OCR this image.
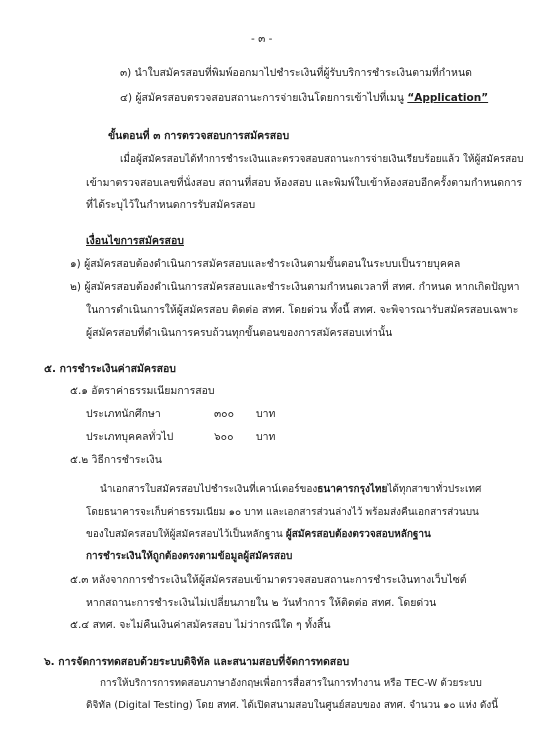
- ๓ -
๓) นำใบสมัครสอบที่พิมพ์ออกมาไปชำระเงินที่ผู้รับบริการชำระเงินตามที่กำหนด
๔) ผู้สมัครสอบตรวจสอบสถานะการจ่ายเงินโดยการเข้าไปที่เมนู “Application”
ขั้นตอนที่ ๓ การตรวจสอบการสมัครสอบ
เมื่อผู้สมัครสอบได้ทำการชำระเงินและตรวจสอบสถานะการจ่ายเงินเรียบร้อยแล้ว ให้ผู้สมัครสอบ
เข้ามาตรวจสอบเลขที่นั่งสอบ สถานที่สอบ ห้องสอบ และพิมพ์ใบเข้าห้องสอบอีกครั้งตามกำหนดการ
ที่ได้ระบุไว้ในกำหนดการรับสมัครสอบ
เงื่อนไขการสมัครสอบ
๑) ผู้สมัครสอบต้องดำเนินการสมัครสอบและชำระเงินตามขั้นตอนในระบบเป็นรายบุคคล
๒) ผู้สมัครสอบต้องดำเนินการสมัครสอบและชำระเงินตามกำหนดเวลาที่ สทศ. กำหนด หากเกิดปัญหา
ในการดำเนินการให้ผู้สมัครสอบ ติดต่อ สทศ. โดยด่วน ทั้งนี้ สทศ. จะพิจารณารับสมัครสอบเฉพาะ
ผู้สมัครสอบที่ดำเนินการครบถ้วนทุกขั้นตอนของการสมัครสอบเท่านั้น
๕. การชำระเงินค่าสมัครสอบ
๕.๑ อัตราค่าธรรมเนียมการสอบ
ประเภทนักศึกษา	๓๐๐ บาท
ประเภทบุคคลทั่วไป	๖๐๐ บาท
๕.๒ วิธีการชำระเงิน
นำเอกสารใบสมัครสอบไปชำระเงินที่เคาน์เตอร์ของธนาคารกรุงไทยได้ทุกสาขาทั่วประเทศ
โดยธนาคารจะเก็บค่าธรรมเนียม ๑๐ บาท และเอกสารส่วนล่างไว้ พร้อมส่งคืนเอกสารส่วนบน
ของใบสมัครสอบให้ผู้สมัครสอบไว้เป็นหลักฐาน ผู้สมัครสอบต้องตรวจสอบหลักฐาน
การชำระเงินให้ถูกต้องตรงตามข้อมูลผู้สมัครสอบ
๕.๓ หลังจากการชำระเงินให้ผู้สมัครสอบเข้ามาตรวจสอบสถานะการชำระเงินทางเว็บไซต์
หากสถานะการชำระเงินไม่เปลี่ยนภายใน ๒ วันทำการ ให้ติดต่อ สทศ. โดยด่วน
๕.๔ สทศ. จะไม่คืนเงินค่าสมัครสอบ ไม่ว่ากรณีใด ๆ ทั้งสิ้น
๖. การจัดการทดสอบด้วยระบบดิจิทัล และสนามสอบที่จัดการทดสอบ
การให้บริการการทดสอบภาษาอังกฤษเพื่อการสื่อสารในการทำงาน หรือ TEC-W ด้วยระบบ
ดิจิทัล (Digital Testing) โดย สทศ. ได้เปิดสนามสอบในศูนย์สอบของ สทศ. จำนวน ๑๐ แห่ง ดังนี้
